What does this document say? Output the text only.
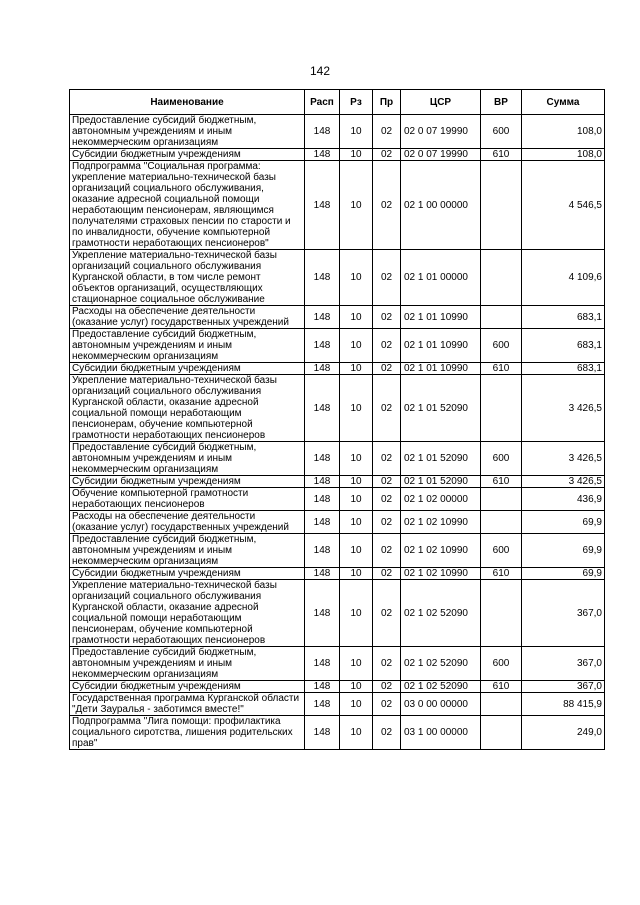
142
Наименование	Расп	Рз	Пр	ЦСР	ВР	Сумма
Предоставление субсидий бюджетным, автономным учреждениям и иным некоммерческим организациям	148	10	02	02 0 07 19990	600	108,0
Субсидии бюджетным учреждениям	148	10	02	02 0 07 19990	610	108,0
Подпрограмма "Социальная программа: укрепление материально-технической базы организаций социального обслуживания, оказание адресной социальной помощи неработающим пенсионерам, являющимся получателями страховых пенсии по старости и по инвалидности, обучение компьютерной грамотности неработающих пенсионеров"	148	10	02	02 1 00 00000		4 546,5
Укрепление материально-технической базы организаций социального обслуживания Курганской области, в том числе ремонт объектов организаций, осуществляющих стационарное социальное обслуживание	148	10	02	02 1 01 00000		4 109,6
Расходы на обеспечение деятельности (оказание услуг) государственных учреждений	148	10	02	02 1 01 10990		683,1
Предоставление субсидий бюджетным, автономным учреждениям и иным некоммерческим организациям	148	10	02	02 1 01 10990	600	683,1
Субсидии бюджетным учреждениям	148	10	02	02 1 01 10990	610	683,1
Укрепление материально-технической базы организаций социального обслуживания Курганской области, оказание адресной социальной помощи неработающим пенсионерам, обучение компьютерной грамотности неработающих пенсионеров	148	10	02	02 1 01 52090		3 426,5
Предоставление субсидий бюджетным, автономным учреждениям и иным некоммерческим организациям	148	10	02	02 1 01 52090	600	3 426,5
Субсидии бюджетным учреждениям	148	10	02	02 1 01 52090	610	3 426,5
Обучение компьютерной грамотности неработающих пенсионеров	148	10	02	02 1 02 00000		436,9
Расходы на обеспечение деятельности (оказание услуг) государственных учреждений	148	10	02	02 1 02 10990		69,9
Предоставление субсидий бюджетным, автономным учреждениям и иным некоммерческим организациям	148	10	02	02 1 02 10990	600	69,9
Субсидии бюджетным учреждениям	148	10	02	02 1 02 10990	610	69,9
Укрепление материально-технической базы организаций социального обслуживания Курганской области, оказание адресной социальной помощи неработающим пенсионерам, обучение компьютерной грамотности неработающих пенсионеров	148	10	02	02 1 02 52090		367,0
Предоставление субсидий бюджетным, автономным учреждениям и иным некоммерческим организациям	148	10	02	02 1 02 52090	600	367,0
Субсидии бюджетным учреждениям	148	10	02	02 1 02 52090	610	367,0
Государственная программа Курганской области "Дети Зауралья - заботимся вместе!"	148	10	02	03 0 00 00000		88 415,9
Подпрограмма "Лига помощи: профилактика социального сиротства, лишения родительских прав"	148	10	02	03 1 00 00000		249,0
